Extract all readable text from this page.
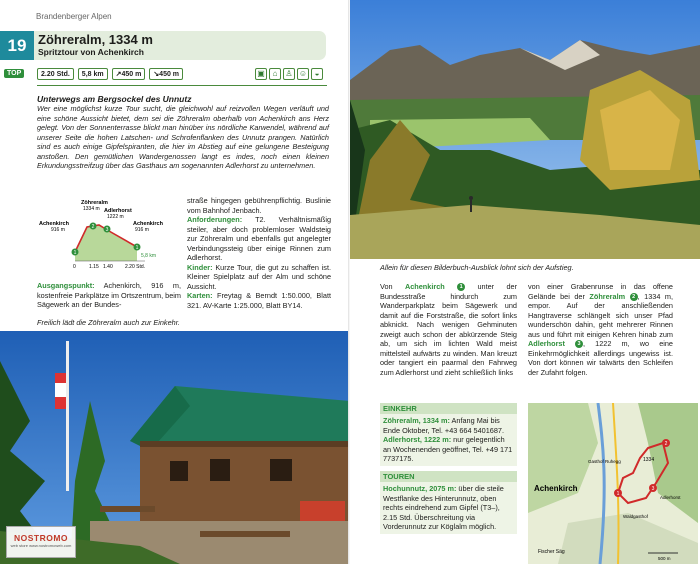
Brandenberger Alpen
19 Zöhreralm, 1334 m
Spritztour von Achenkirch
TOP	2.20 Std.	5,8 km	↗450 m	↘450 m	▣ ⌂ ♙ ☺ ◒
Unterwegs am Bergsockel des Unnutz
Wer eine möglichst kurze Tour sucht, die gleichwohl auf reizvollen Wegen verläuft und eine schöne Aussicht bietet, dem sei die Zöhreralm oberhalb von Achenkirch ans Herz gelegt. Von der Sonnenterrasse blickt man hinüber ins nördliche Karwendel, während auf unserer Seite die hohen Latschen- und Schrofenflanken des Unnutz prangen. Natürlich sind es auch einige Gipfelspiranten, die hier im Abstieg auf eine gelungene Besteigung anstoßen. Den gemütlichen Wandergenossen langt es indes, noch einen kleinen Erkundungsstreifzug über das Gasthaus am sogenannten Adlerhorst zu unternehmen.
1
2 3
1
Zöhreralm
1334 m Adlerhorst
1222 m
Achenkirch
916 m
Achenkirch
916 m
0	1.15 1.40 2.20 Std.
5,8 km
Ausgangspunkt: Achenkirch, 916 m, kostenfreie Parkplätze im Ortszentrum, beim Sägewerk an der Bundes-
Freilich lädt die Zöhreralm auch zur Einkehr.
straße hingegen gebührenpflichtig. Buslinie vom Bahnhof Jenbach.
Anforderungen: T2. Verhältnismäßig steiler, aber doch problemloser Waldsteig zur Zöhreralm und ebenfalls gut angelegter Verbindungssteig über einige Rinnen zum Adlerhorst.
Kinder: Kurze Tour, die gut zu schaffen ist. Kleiner Spielplatz auf der Alm und schöne Aussicht.
Karten: Freytag & Berndt 1:50.000, Blatt 321. AV-Karte 1:25.000, Blatt BY14.
NOSTROMO
web store www.nostromoweb.com
Allein für diesen Bilderbuch-Ausblick lohnt sich der Aufstieg.
Von Achenkirch	1 unter der Bundesstraße hindurch zum Wanderparkplatz beim Sägewerk und damit auf die Forststraße, die sofort links abknickt. Nach wenigen Gehminuten zweigt auch schon der abkürzende Steig ab, um sich im lichten Wald meist mittelsteil aufwärts zu winden. Man kreuzt oder tangiert ein paarmal den Fahrweg zum Adlerhorst und zieht schließlich links
von einer Grabenrunse in das offene Gelände bei der Zöhreralm 2 , 1334 m, empor. Auf der anschließenden Hangtraverse schlängelt sich unser Pfad wunderschön dahin, geht mehrerer Rinnen aus und führt mit einigen Kehren hinab zum Adlerhorst 3 , 1222 m, wo eine Einkehrmöglichkeit allerdings ungewiss ist. Von dort können wir talwärts den Schleifen der Zufahrt folgen.
EINKEHR
Zöhreralm, 1334 m: Anfang Mai bis Ende Oktober, Tel. +43 664 5401687.
Adlerhorst, 1222 m: nur gelegentlich an Wochenenden geöffnet, Tel. +49 171 7737175.
TOUREN
Hochunnutz, 2075 m: über die steile Westflanke des Hinterunnutz, oben rechts eindrehend zum Gipfel (T3–), 2.15 Std. Überschreitung via Vorderunnutz zur Köglalm möglich.
1
2
3
Achenkirch
1334
Adlerhorst
Gasthof Ruhegg
Waldgasthof
Fischer Säg
500 m
